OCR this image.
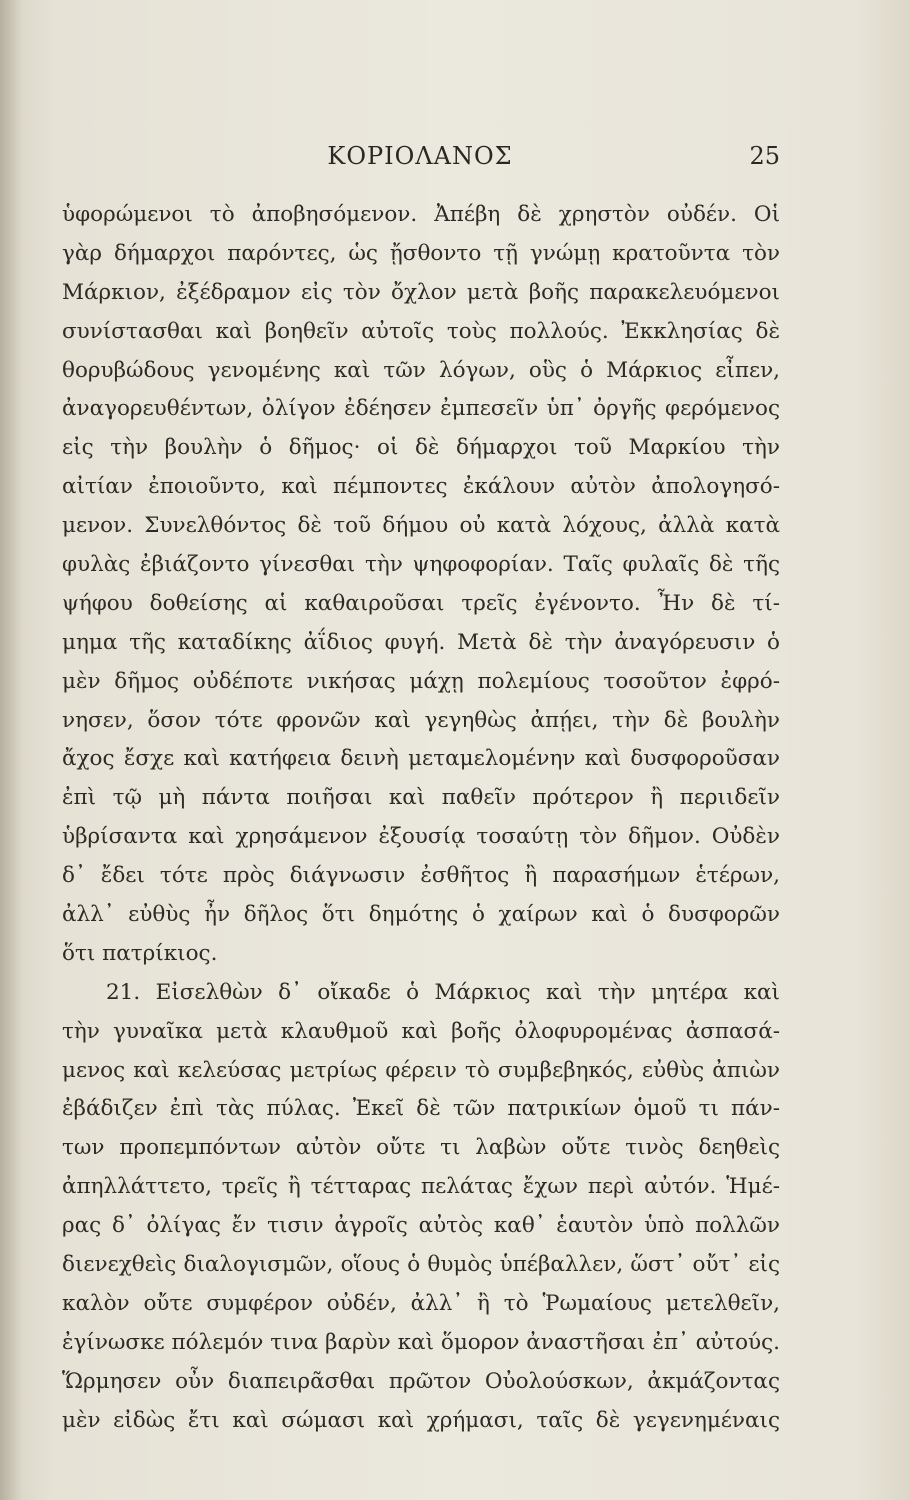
ΚΟΡΙΟΛΑΝΟΣ	25
ὑφορώμενοι τὸ ἀποβησόμενον. Ἀπέβη δὲ χρηστὸν οὐδέν. Οἱ
γὰρ δήμαρχοι παρόντες, ὡς ᾔσθοντο τῇ γνώμῃ κρατοῦντα τὸν
Μάρκιον, ἐξέδραμον εἰς τὸν ὄχλον μετὰ βοῆς παρακελευόμενοι
συνίστασθαι καὶ βοηθεῖν αὐτοῖς τοὺς πολλούς. Ἐκκλησίας δὲ
θορυβώδους γενομένης καὶ τῶν λόγων, οὓς ὁ Μάρκιος εἶπεν,
ἀναγορευθέντων, ὀλίγον ἐδέησεν ἐμπεσεῖν ὑπ᾽ ὀργῆς φερόμενος
εἰς τὴν βουλὴν ὁ δῆμος· οἱ δὲ δήμαρχοι τοῦ Μαρκίου τὴν
αἰτίαν ἐποιοῦντο, καὶ πέμποντες ἐκάλουν αὐτὸν ἀπολογησό-
μενον. Συνελθόντος δὲ τοῦ δήμου οὐ κατὰ λόχους, ἀλλὰ κατὰ
φυλὰς ἐβιάζοντο γίνεσθαι τὴν ψηφοφορίαν. Ταῖς φυλαῖς δὲ τῆς
ψήφου δοθείσης αἱ καθαιροῦσαι τρεῖς ἐγένοντο. Ἦν δὲ τί-
μημα τῆς καταδίκης ἀΐδιος φυγή. Μετὰ δὲ τὴν ἀναγόρευσιν ὁ
μὲν δῆμος οὐδέποτε νικήσας μάχῃ πολεμίους τοσοῦτον ἐφρό-
νησεν, ὅσον τότε φρονῶν καὶ γεγηθὼς ἀπῄει, τὴν δὲ βουλὴν
ἄχος ἔσχε καὶ κατήφεια δεινὴ μεταμελομένην καὶ δυσφοροῦσαν
ἐπὶ τῷ μὴ πάντα ποιῆσαι καὶ παθεῖν πρότερον ἢ περιιδεῖν
ὑβρίσαντα καὶ χρησάμενον ἐξουσίᾳ τοσαύτῃ τὸν δῆμον. Οὐδὲν
δ᾽ ἔδει τότε πρὸς διάγνωσιν ἐσθῆτος ἢ παρασήμων ἑτέρων,
ἀλλ᾽ εὐθὺς ἦν δῆλος ὅτι δημότης ὁ χαίρων καὶ ὁ δυσφορῶν
ὅτι πατρίκιος.
21. Εἰσελθὼν δ᾽ οἴκαδε ὁ Μάρκιος καὶ τὴν μητέρα καὶ
τὴν γυναῖκα μετὰ κλαυθμοῦ καὶ βοῆς ὀλοφυρομένας ἀσπασά-
μενος καὶ κελεύσας μετρίως φέρειν τὸ συμβεβηκός, εὐθὺς ἀπιὼν
ἐβάδιζεν ἐπὶ τὰς πύλας. Ἐκεῖ δὲ τῶν πατρικίων ὁμοῦ τι πάν-
των προπεμπόντων αὐτὸν οὔτε τι λαβὼν οὔτε τινὸς δεηθεὶς
ἀπηλλάττετο, τρεῖς ἢ τέτταρας πελάτας ἔχων περὶ αὐτόν. Ἡμέ-
ρας δ᾽ ὀλίγας ἔν τισιν ἀγροῖς αὐτὸς καθ᾽ ἑαυτὸν ὑπὸ πολλῶν
διενεχθεὶς διαλογισμῶν, οἵους ὁ θυμὸς ὑπέβαλλεν, ὥστ᾽ οὔτ᾽ εἰς
καλὸν οὔτε συμφέρον οὐδέν, ἀλλ᾽ ἢ τὸ Ῥωμαίους μετελθεῖν,
ἐγίνωσκε πόλεμόν τινα βαρὺν καὶ ὅμορον ἀναστῆσαι ἐπ᾽ αὐτούς.
Ὥρμησεν οὖν διαπειρᾶσθαι πρῶτον Οὐολούσκων, ἀκμάζοντας
μὲν εἰδὼς ἔτι καὶ σώμασι καὶ χρήμασι, ταῖς δὲ γεγενημέναις
